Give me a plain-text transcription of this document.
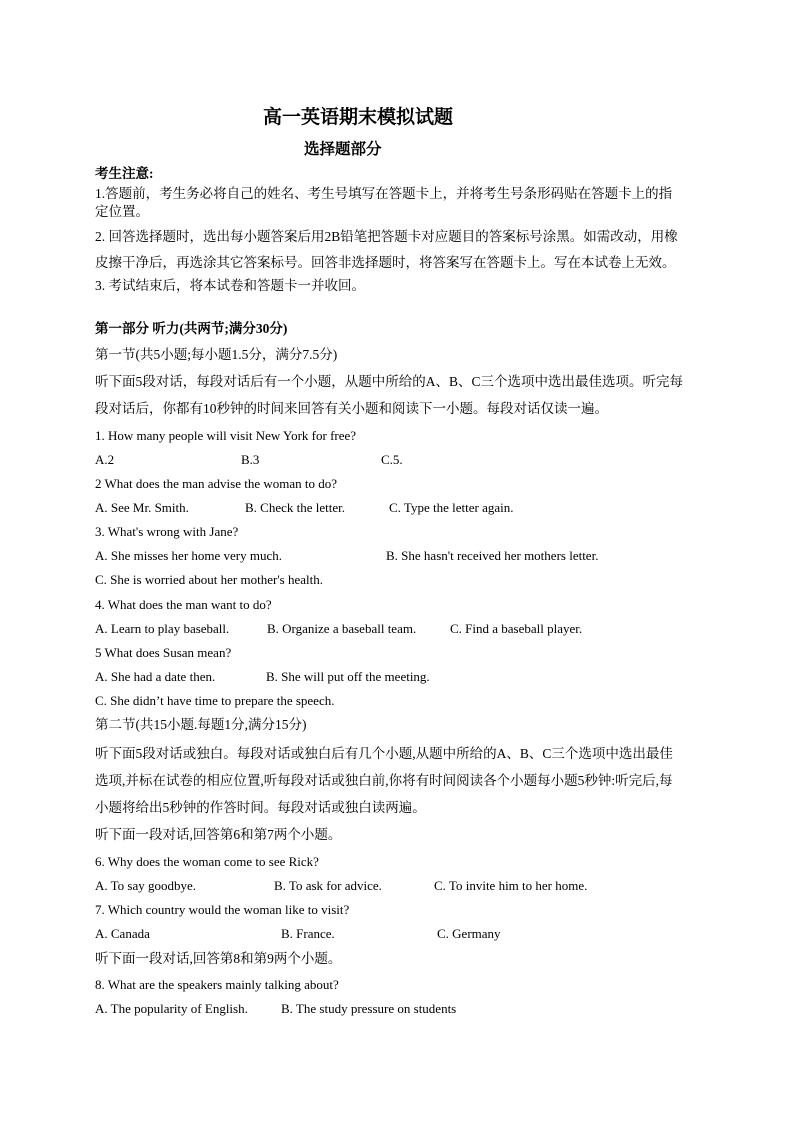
高一英语期末模拟试题
选择题部分
考生注意:
1.答题前，考生务必将自己的姓名、考生号填写在答题卡上，并将考生号条形码贴在答题卡上的指
定位置。
2. 回答选择题时，选出每小题答案后用2B铅笔把答题卡对应题目的答案标号涂黑。如需改动，用橡
皮擦干净后，再选涂其它答案标号。回答非选择题时，将答案写在答题卡上。写在本试卷上无效。
3. 考试结束后，将本试卷和答题卡一并收回。
第一部分 听力(共两节;满分30分)
第一节(共5小题;每小题1.5分，满分7.5分)
听下面5段对话，每段对话后有一个小题，从题中所给的A、B、C三个选项中选出最佳选项。听完每
段对话后，你都有10秒钟的时间来回答有关小题和阅读下一小题。每段对话仅读一遍。
1. How many people will visit New York for free?
A.2	B.3	C.5.
2 What does the man advise the woman to do?
A. See Mr. Smith.	B. Check the letter.	C. Type the letter again.
3. What's wrong with Jane?
A. She misses her home very much.	B. She hasn't received her mothers letter.
C. She is worried about her mother's health.
4. What does the man want to do?
A. Learn to play baseball.	B. Organize a baseball team.	C. Find a baseball player.
5 What does Susan mean?
A. She had a date then.	B. She will put off the meeting.
C. She didn’t have time to prepare the speech.
第二节(共15小题.每题1分,满分15分)
听下面5段对话或独白。每段对话或独白后有几个小题,从题中所给的A、B、C三个选项中选出最佳
选项,并标在试卷的相应位置,听每段对话或独白前,你将有时间阅读各个小题每小题5秒钟:听完后,每
小题将给出5秒钟的作答时间。每段对话或独白读两遍。
听下面一段对话,回答第6和第7两个小题。
6. Why does the woman come to see Rick?
A. To say goodbye.	B. To ask for advice.	C. To invite him to her home.
7. Which country would the woman like to visit?
A. Canada	B. France.	C. Germany
听下面一段对话,回答第8和第9两个小题。
8. What are the speakers mainly talking about?
A. The popularity of English.	B. The study pressure on students
